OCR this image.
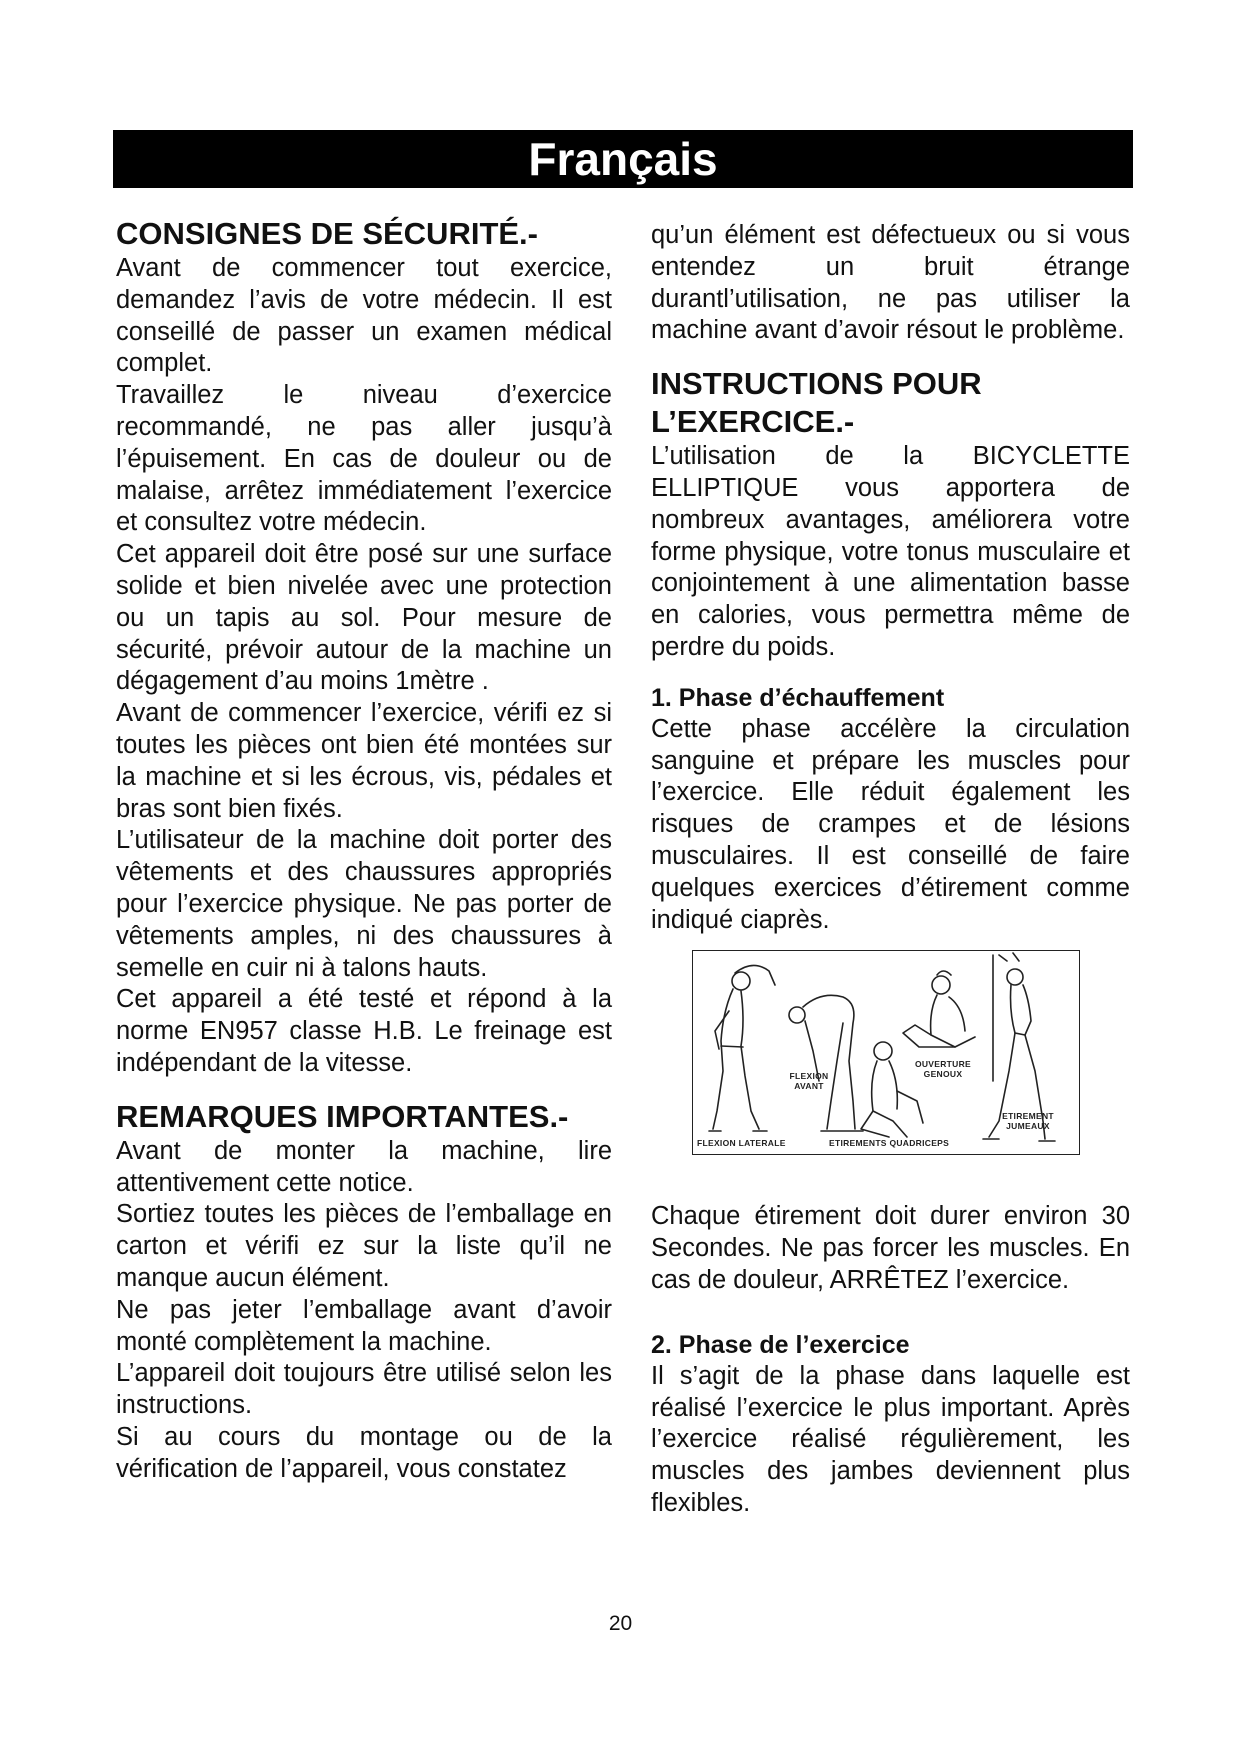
Français
CONSIGNES DE SÉCURITÉ.-

Avant de commencer tout exercice, demandez l’avis de votre médecin. Il est conseillé de passer un examen médical complet.

Travaillez le niveau d’exercice recommandé, ne pas aller jusqu’à l’épuisement. En cas de douleur ou de malaise, arrêtez immédiatement l’exercice et consultez votre médecin.

Cet appareil doit être posé sur une surface solide et bien nivelée avec une protection ou un tapis au sol. Pour mesure de sécurité, prévoir autour de la machine un dégagement d’au moins 1mètre .

Avant de commencer l’exercice, vérifi ez si toutes les pièces ont bien été montées sur la machine et si les écrous, vis, pédales et bras sont bien fixés.

L’utilisateur de la machine doit porter des vêtements et des chaussures appropriés pour l’exercice physique. Ne pas porter de vêtements amples, ni des chaussures à semelle en cuir ni à talons hauts.

Cet appareil a été testé et répond à la norme EN957 classe H.B. Le freinage est indépendant de la vitesse.

REMARQUES IMPORTANTES.-

Avant de monter la machine, lire attentivement cette notice.

Sortiez toutes les pièces de l’emballage en carton et vérifi ez sur la liste qu’il ne manque aucun élément.

Ne pas jeter l’emballage avant d’avoir monté complètement la machine.

L’appareil doit toujours être utilisé selon les instructions.

Si au cours du montage ou de la vérification de l’appareil, vous constatez

qu’un élément est défectueux ou si vous entendez un bruit étrange durantl’utilisation, ne pas utiliser la machine avant d’avoir résout le problème.

INSTRUCTIONS POUR L’EXERCICE.-

L’utilisation de la BICYCLETTE ELLIPTIQUE vous apportera de nombreux avantages, améliorera votre forme physique, votre tonus musculaire et conjointement à une alimentation basse en calories, vous permettra même de perdre du poids.

1. Phase d’échauffement

Cette phase accélère la circulation sanguine et prépare les muscles pour l’exercice. Elle réduit également les risques de crampes et de lésions musculaires. Il est conseillé de faire quelques exercices d’étirement comme indiqué ciaprès.

FLEXION LATERALE
FLEXION AVANT
ETIREMENTS QUADRICEPS
OUVERTURE GENOUX
ETIREMENT JUMEAUX

Chaque étirement doit durer environ 30 Secondes. Ne pas forcer les muscles. En cas de douleur, ARRÊTEZ l’exercice.

2. Phase de l’exercice

Il s’agit de la phase dans laquelle est réalisé l’exercice le plus important. Après l’exercice réalisé régulièrement, les muscles des jambes deviennent plus flexibles.

20
